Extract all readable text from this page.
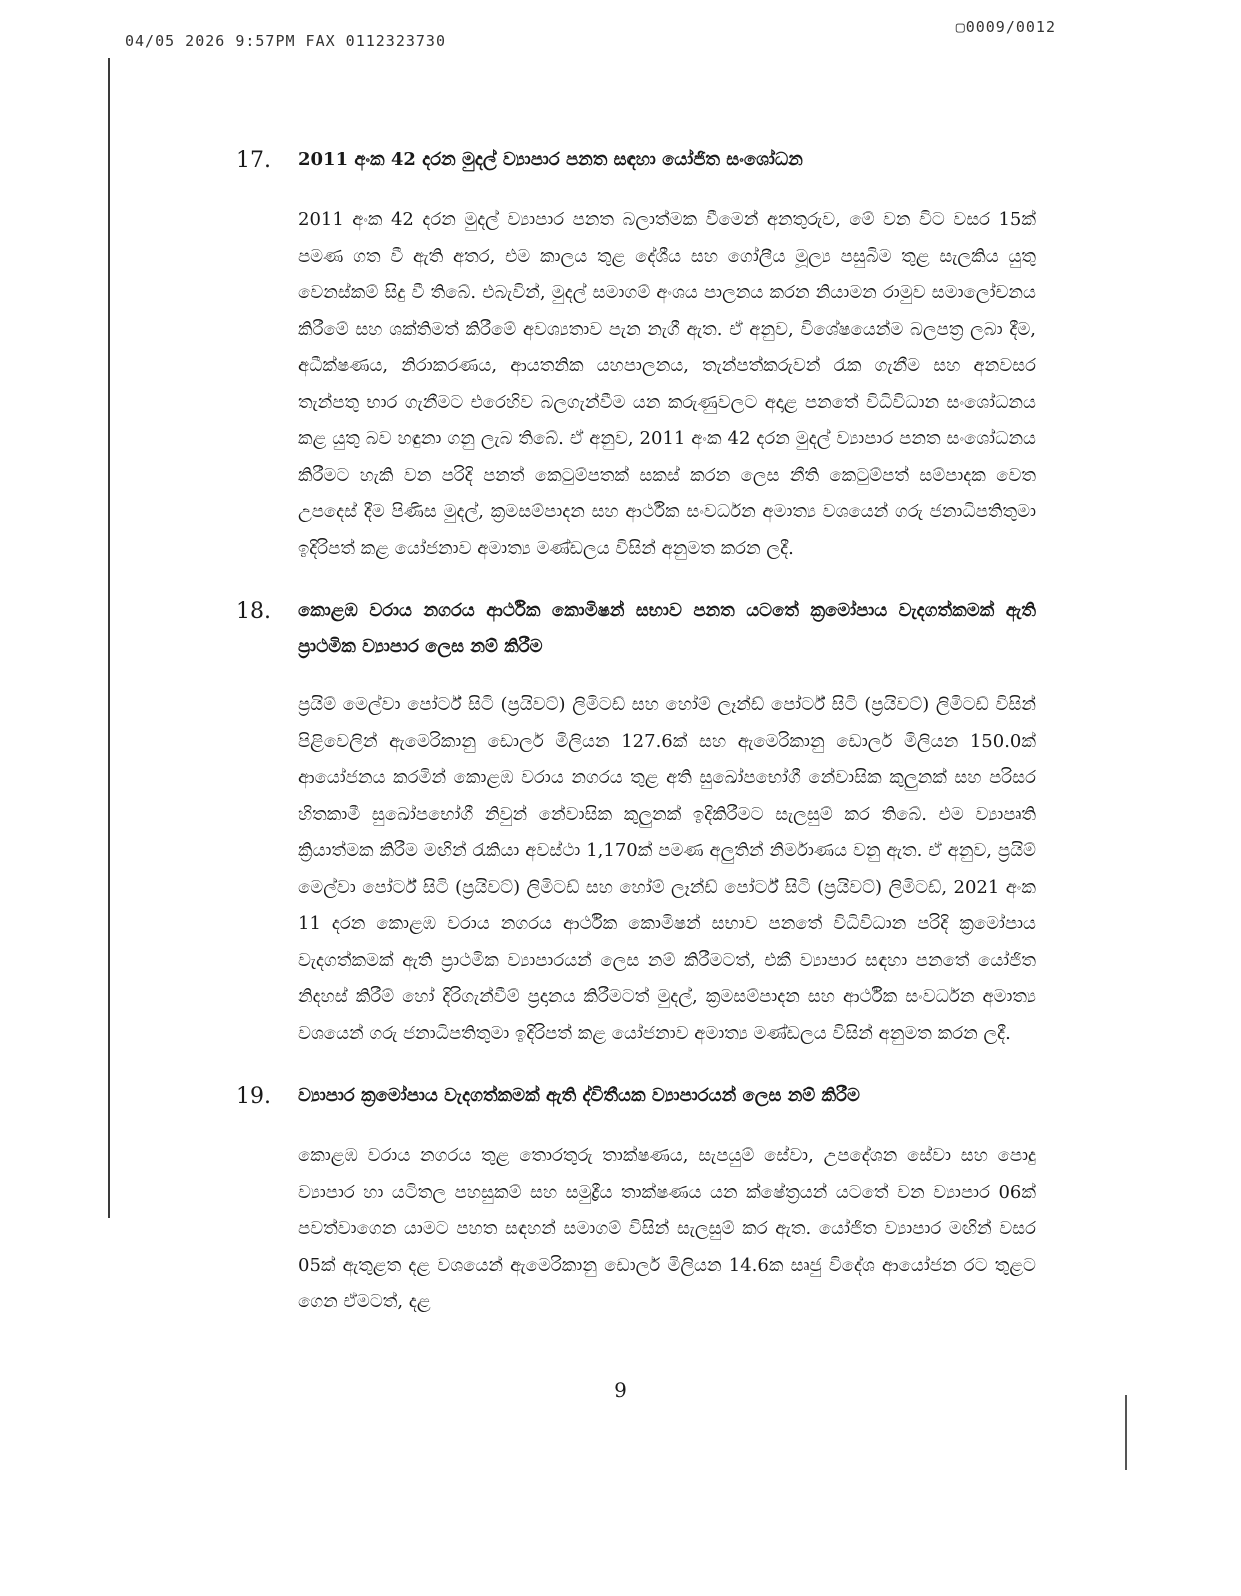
04/05 2026 9:57PM FAX 0112323730
▢0009/0012
17.	2011 අංක 42 දරන මුදල් ව්‍යාපාර පනත සඳහා යෝජිත සංශෝධන
2011 අංක 42 දරන මුදල් ව්‍යාපාර පනත බලාත්මක වීමෙන් අනතුරුව, මේ වන විට වසර 15ක් පමණ ගත වී ඇති අතර, එම කාලය තුළ දේශීය සහ ගෝලීය මූල්‍ය පසුබිම තුළ සැලකිය යුතු වෙනස්කම් සිදු වී තිබේ. එබැවින්, මුදල් සමාගම් අංශය පාලනය කරන නියාමන රාමුව සමාලෝචනය කිරීමේ සහ ශක්තිමත් කිරීමේ අවශ්‍යතාව පැන නැගී ඇත. ඒ අනුව, විශේෂයෙන්ම බලපත්‍ර ලබා දීම, අධීක්ෂණය, නිරාකරණය, ආයතනික යහපාලනය, තැන්පත්කරුවන් රැක ගැනීම සහ අනවසර තැන්පතු භාර ගැනීමට එරෙහිව බලගැන්වීම යන කරුණුවලට අදාළ පනතේ විධිවිධාන සංශෝධනය කළ යුතු බව හඳුනා ගනු ලැබ තිබේ. ඒ අනුව, 2011 අංක 42 දරන මුදල් ව්‍යාපාර පනත සංශෝධනය කිරීමට හැකි වන පරිදි පනත් කෙටුම්පතක් සකස් කරන ලෙස නීති කෙටුම්පත් සම්පාදක වෙත උපදෙස් දීම පිණිස මුදල්, ක්‍රමසම්පාදන සහ ආර්ථික සංවර්ධන අමාත්‍ය වශයෙන් ගරු ජනාධිපතිතුමා ඉදිරිපත් කළ යෝජනාව අමාත්‍ය මණ්ඩලය විසින් අනුමත කරන ලදී.
18.	කොළඹ වරාය නගරය ආර්ථික කොමිෂන් සභාව පනත යටතේ ක්‍රමෝපාය වැදගත්කමක් ඇති ප්‍රාථමික ව්‍යාපාර ලෙස නම් කිරීම
ප්‍රයිම් මෙල්වා පෝර්ට් සිටි (ප්‍රයිවට්) ලිමිටඩ් සහ හෝම් ලෑන්ඩ් පෝර්ට් සිටි (ප්‍රයිවට්) ලිමිටඩ් විසින් පිළිවෙලින් ඇමෙරිකානු ඩොලර් මිලියන 127.6ක් සහ ඇමෙරිකානු ඩොලර් මිලියන 150.0ක් ආයෝජනය කරමින් කොළඹ වරාය නගරය තුළ අති සුඛෝපභෝගී නේවාසික කුලුනක් සහ පරිසර හිතකාමී සුඛෝපභෝගී නිවුන් නේවාසික කුලුනක් ඉදිකිරීමට සැලසුම් කර තිබේ. එම ව්‍යාපෘති ක්‍රියාත්මක කිරීම මඟින් රැකියා අවස්ථා 1,170ක් පමණ අලුතින් නිර්මාණය වනු ඇත. ඒ අනුව, ප්‍රයිම් මෙල්වා පෝර්ට් සිටි (ප්‍රයිවට්) ලිමිටඩ් සහ හෝම් ලෑන්ඩ් පෝර්ට් සිටි (ප්‍රයිවට්) ලිමිටඩ්, 2021 අංක 11 දරන කොළඹ වරාය නගරය ආර්ථික කොමිෂන් සභාව පනතේ විධිවිධාන පරිදි ක්‍රමෝපාය වැදගත්කමක් ඇති ප්‍රාථමික ව්‍යාපාරයන් ලෙස නම් කිරීමටත්, එකී ව්‍යාපාර සඳහා පනතේ යෝජිත නිදහස් කිරීම් හෝ දිරිගැන්වීම් ප්‍රදානය කිරීමටත් මුදල්, ක්‍රමසම්පාදන සහ ආර්ථික සංවර්ධන අමාත්‍ය වශයෙන් ගරු ජනාධිපතිතුමා ඉදිරිපත් කළ යෝජනාව අමාත්‍ය මණ්ඩලය විසින් අනුමත කරන ලදී.
19.	ව්‍යාපාර ක්‍රමෝපාය වැදගත්කමක් ඇති ද්විතීයක ව්‍යාපාරයන් ලෙස නම් කිරීම
කොළඹ වරාය නගරය තුළ තොරතුරු තාක්ෂණය, සැපයුම් සේවා, උපදේශන සේවා සහ පොදු ව්‍යාපාර හා යටිතල පහසුකම් සහ සමුද්‍රීය තාක්ෂණය යන ක්ෂේත්‍රයන් යටතේ වන ව්‍යාපාර 06ක් පවත්වාගෙන යාමට පහත සඳහන් සමාගම් විසින් සැලසුම් කර ඇත. යෝජිත ව්‍යාපාර මඟින් වසර 05ක් ඇතුළත දළ වශයෙන් ඇමෙරිකානු ඩොලර් මිලියන 14.6ක සෘජු විදේශ ආයෝජන රට තුළට ගෙන ඒමටත්, දළ
9
